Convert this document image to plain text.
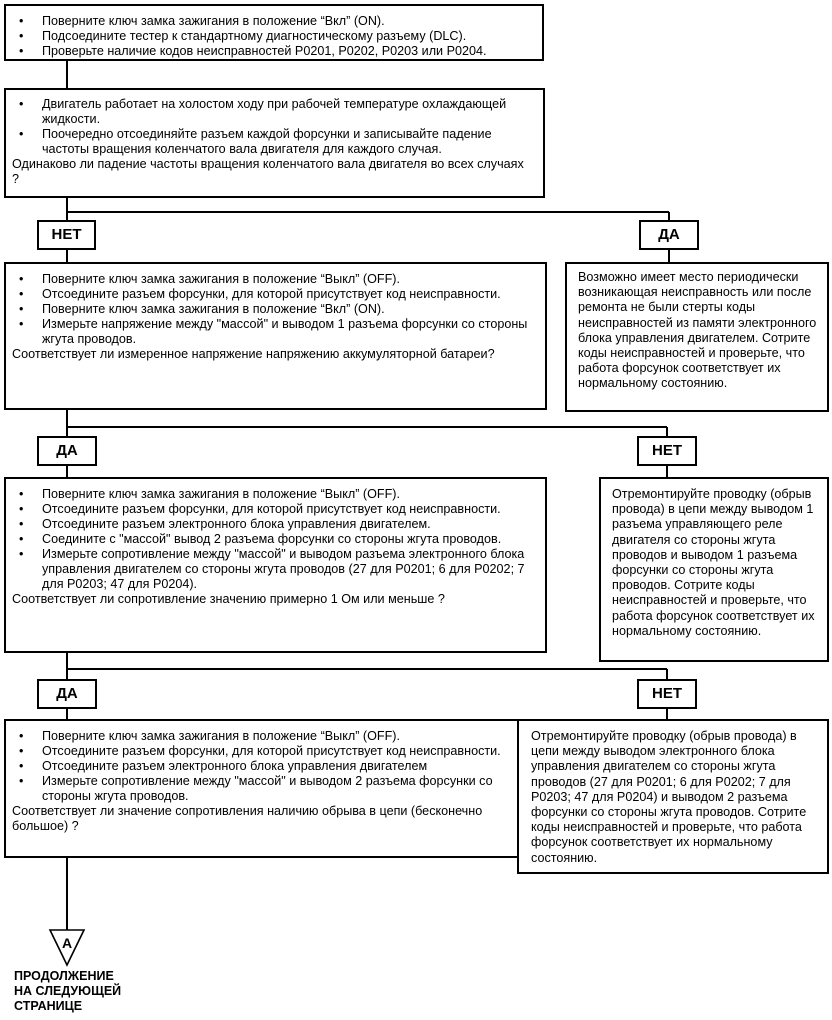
A
• Поверните ключ замка зажигания в положение “Вкл” (ON).
• Подсоедините тестер к стандартному диагностическому разъему (DLC).
• Проверьте наличие кодов неисправностей P0201, P0202, P0203 или P0204.
• Двигатель работает на холостом ходу при рабочей температуре охлаждающей жидкости.
• Поочередно отсоединяйте разъем каждой форсунки и записывайте падение частоты вращения коленчатого вала двигателя для каждого случая.

Одинаково ли падение частоты вращения коленчатого вала двигателя во всех случаях ?

НЕТ	ДА
• Поверните ключ замка зажигания в положение “Выкл” (OFF).
• Отсоедините разъем форсунки, для которой присутствует код неисправности.
• Поверните ключ замка зажигания в положение “Вкл” (ON).
• Измерьте напряжение между "массой" и выводом 1 разъема форсунки со стороны жгута проводов.

Соответствует ли измеренное напряжение напряжению аккумуляторной батареи?

Возможно имеет место периодически возникающая неисправность или после ремонта не были стерты коды неисправностей из памяти электронного блока управления двигателем. Сотрите коды неисправностей и проверьте, что работа форсунок соответствует их нормальному состоянию.

ДА	НЕТ
• Поверните ключ замка зажигания в положение “Выкл” (OFF).
• Отсоедините разъем форсунки, для которой присутствует код неисправности.
• Отсоедините разъем электронного блока управления двигателем.
• Соедините с "массой" вывод 2 разъема форсунки со стороны жгута проводов.
• Измерьте сопротивление между "массой" и выводом разъема электронного блока управления двигателем со стороны жгута проводов (27 для P0201; 6 для P0202; 7 для P0203; 47 для P0204).

Соответствует ли сопротивление значению примерно 1 Ом или меньше ?

Отремонтируйте проводку (обрыв провода) в цепи между выводом 1 разъема управляющего реле двигателя со стороны жгута проводов и выводом 1 разъема форсунки со стороны жгута проводов. Сотрите коды неисправностей и проверьте, что работа форсунок соответствует их нормальному состоянию.

ДА	НЕТ
• Поверните ключ замка зажигания в положение “Выкл” (OFF).
• Отсоедините разъем форсунки, для которой присутствует код неисправности.
• Отсоедините разъем электронного блока управления двигателем
• Измерьте сопротивление между "массой" и выводом 2 разъема форсунки со стороны жгута проводов.

Соответствует ли значение сопротивления наличию обрыва в цепи (бесконечно большое) ?

Отремонтируйте проводку (обрыв провода) в цепи между выводом электронного блока управления двигателем со стороны жгута проводов (27 для P0201; 6 для P0202; 7 для P0203; 47 для P0204) и выводом 2 разъема форсунки со стороны жгута проводов. Сотрите коды неисправностей и проверьте, что работа форсунок соответствует их нормальному состоянию.

ПРОДОЛЖЕНИЕ
НА СЛЕДУЮЩЕЙ
СТРАНИЦЕ
